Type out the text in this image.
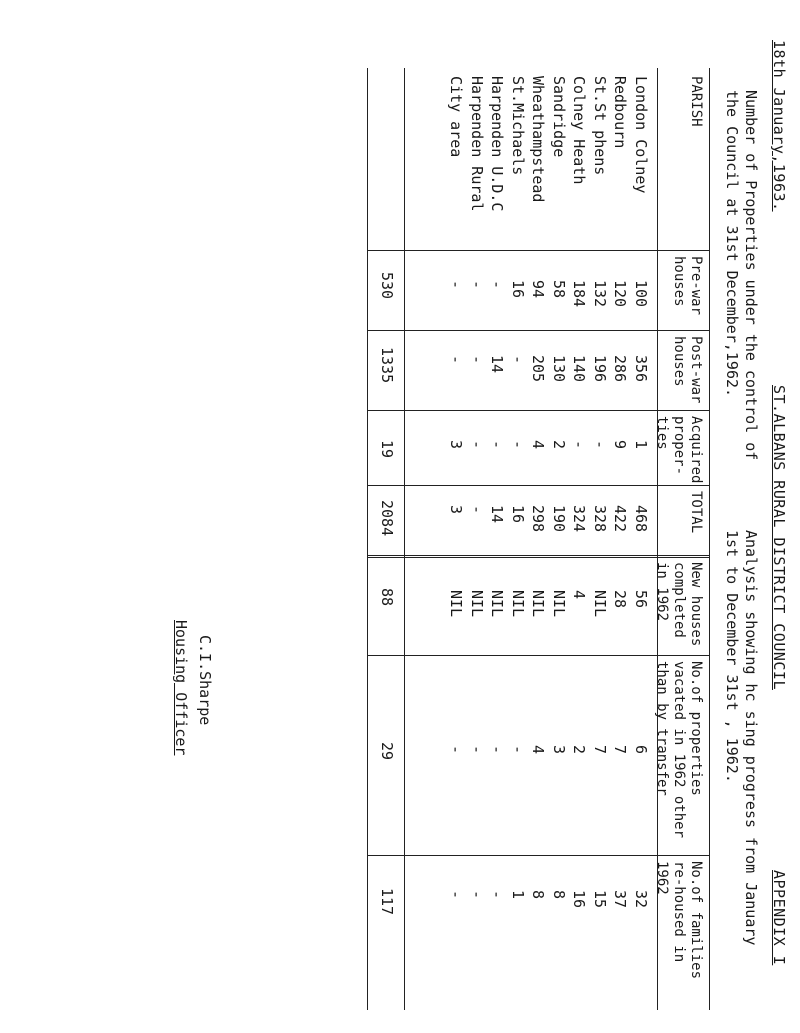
18th January,1963.
ST.ALBANS RURAL DISTRICT COUNCIL
APPENDIX I
Number of Properties under the control of
the Council at 31st December,1962.
Analysis showing hc sing progress from January
1st to December 31st , 1962.
PARISH
Pre-war
houses
Post-war
houses
Acquired
proper-
ties
TOTAL
New houses
completed
in 1962
No.of properties
vacated in 1962 other
than by transfer
No.of families
re-housed in
1962
London Colney
100
356
1
468
56
6
32
Redbourn
120
286
9
422
28
7
37
St.St phens
132
196
-
328
NIL
7
15
Colney Heath
184
140
-
324
4
2
16
Sandridge
58
130
2
190
NIL
3
8
Wheathampstead
94
205
4
298
NIL
4
8
St.Michaels
16
-
-
16
NIL
-
1
Harpenden U.D.C
-
14
-
14
NIL
-
-
Harpenden Rural
-
-
-
-
NIL
-
-
City area
-
-
3
3
NIL
-
-
530
1335
19
2084
88
29
117
C.I.Sharpe
Housing Officer
